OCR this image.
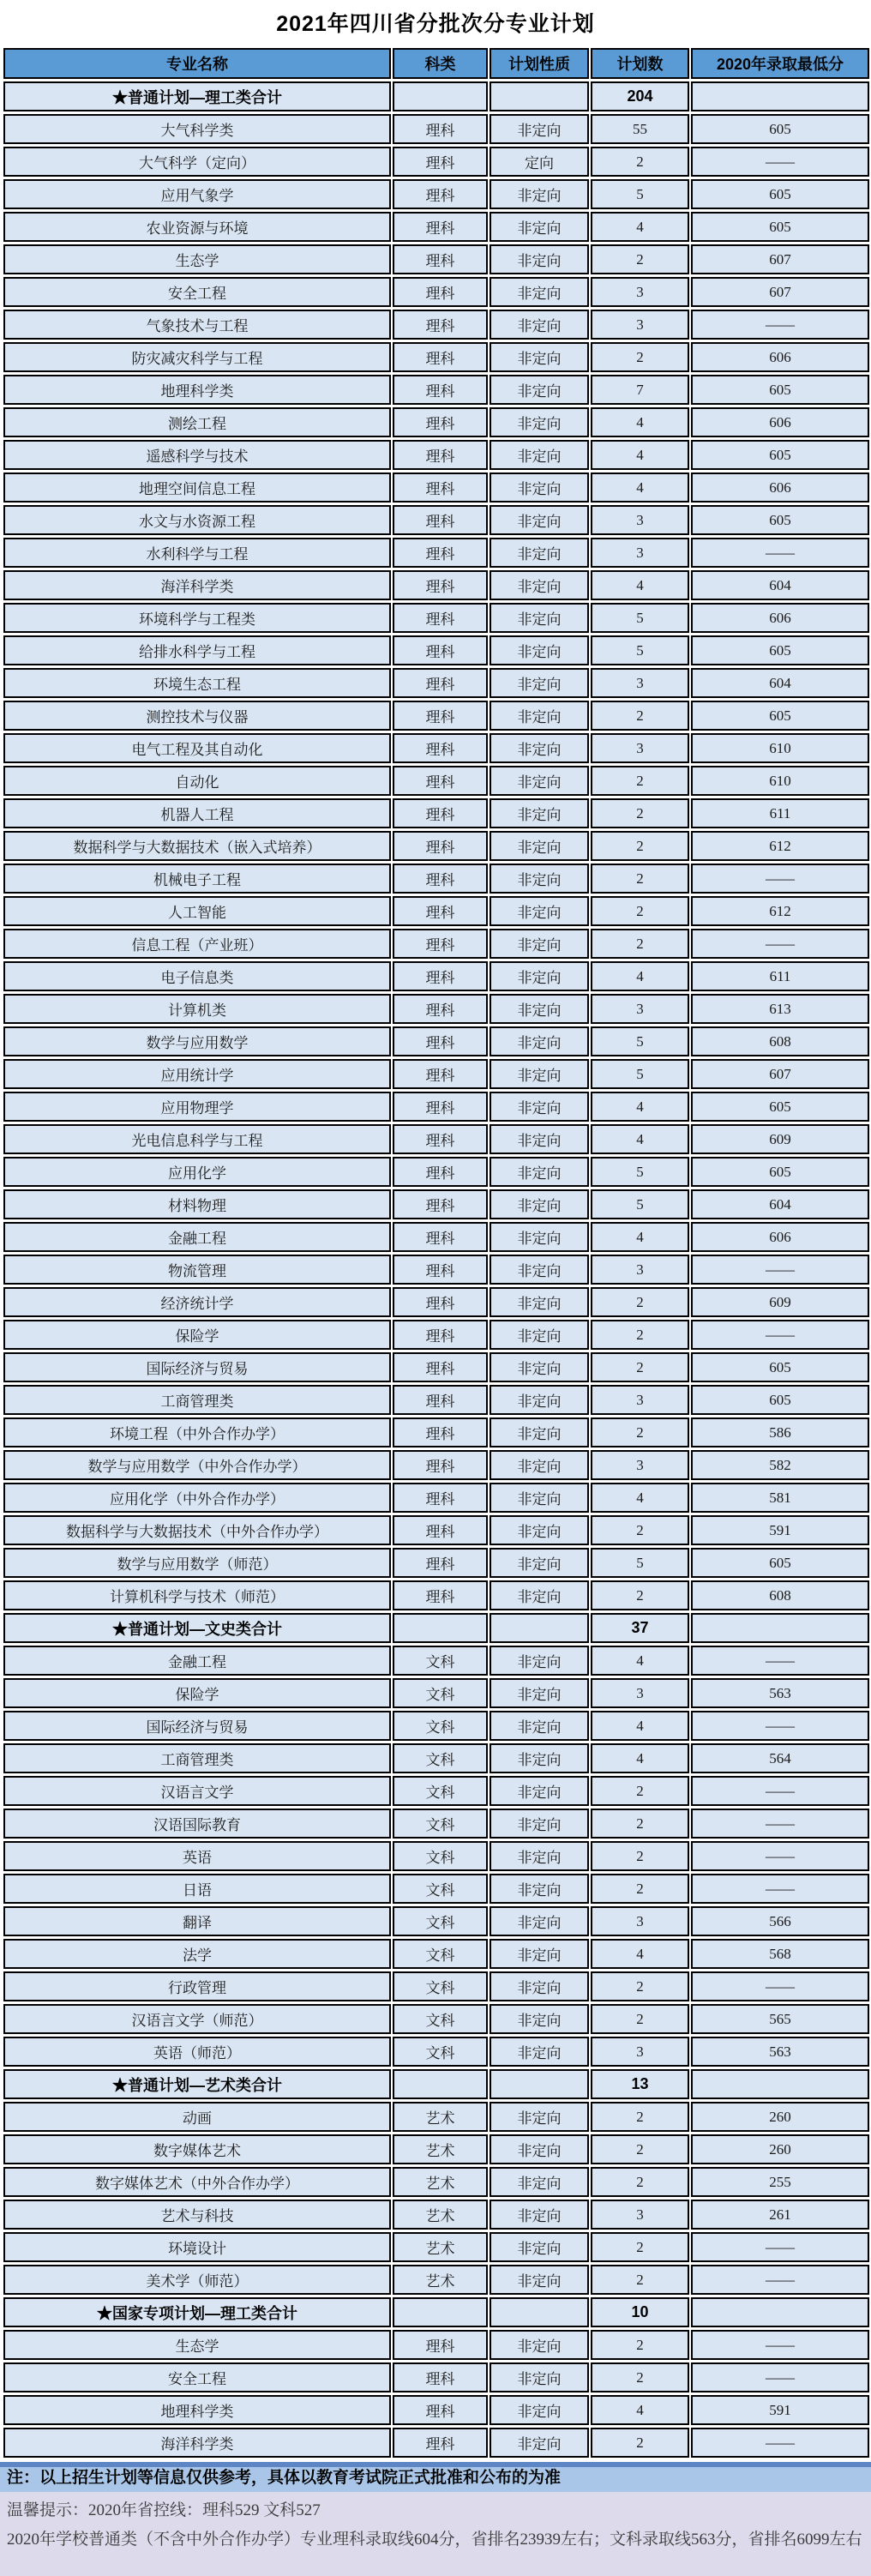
2021年四川省分批次分专业计划
专业名称	科类	计划性质	计划数	2020年录取最低分
★普通计划—理工类合计			204	
大气科学类	理科	非定向	55	605
大气科学（定向）	理科	定向	2	——
应用气象学	理科	非定向	5	605
农业资源与环境	理科	非定向	4	605
生态学	理科	非定向	2	607
安全工程	理科	非定向	3	607
气象技术与工程	理科	非定向	3	——
防灾减灾科学与工程	理科	非定向	2	606
地理科学类	理科	非定向	7	605
测绘工程	理科	非定向	4	606
遥感科学与技术	理科	非定向	4	605
地理空间信息工程	理科	非定向	4	606
水文与水资源工程	理科	非定向	3	605
水利科学与工程	理科	非定向	3	——
海洋科学类	理科	非定向	4	604
环境科学与工程类	理科	非定向	5	606
给排水科学与工程	理科	非定向	5	605
环境生态工程	理科	非定向	3	604
测控技术与仪器	理科	非定向	2	605
电气工程及其自动化	理科	非定向	3	610
自动化	理科	非定向	2	610
机器人工程	理科	非定向	2	611
数据科学与大数据技术（嵌入式培养）	理科	非定向	2	612
机械电子工程	理科	非定向	2	——
人工智能	理科	非定向	2	612
信息工程（产业班）	理科	非定向	2	——
电子信息类	理科	非定向	4	611
计算机类	理科	非定向	3	613
数学与应用数学	理科	非定向	5	608
应用统计学	理科	非定向	5	607
应用物理学	理科	非定向	4	605
光电信息科学与工程	理科	非定向	4	609
应用化学	理科	非定向	5	605
材料物理	理科	非定向	5	604
金融工程	理科	非定向	4	606
物流管理	理科	非定向	3	——
经济统计学	理科	非定向	2	609
保险学	理科	非定向	2	——
国际经济与贸易	理科	非定向	2	605
工商管理类	理科	非定向	3	605
环境工程（中外合作办学）	理科	非定向	2	586
数学与应用数学（中外合作办学）	理科	非定向	3	582
应用化学（中外合作办学）	理科	非定向	4	581
数据科学与大数据技术（中外合作办学）	理科	非定向	2	591
数学与应用数学（师范）	理科	非定向	5	605
计算机科学与技术（师范）	理科	非定向	2	608
★普通计划—文史类合计			37	
金融工程	文科	非定向	4	——
保险学	文科	非定向	3	563
国际经济与贸易	文科	非定向	4	——
工商管理类	文科	非定向	4	564
汉语言文学	文科	非定向	2	——
汉语国际教育	文科	非定向	2	——
英语	文科	非定向	2	——
日语	文科	非定向	2	——
翻译	文科	非定向	3	566
法学	文科	非定向	4	568
行政管理	文科	非定向	2	——
汉语言文学（师范）	文科	非定向	2	565
英语（师范）	文科	非定向	3	563
★普通计划—艺术类合计			13	
动画	艺术	非定向	2	260
数字媒体艺术	艺术	非定向	2	260
数字媒体艺术（中外合作办学）	艺术	非定向	2	255
艺术与科技	艺术	非定向	3	261
环境设计	艺术	非定向	2	——
美术学（师范）	艺术	非定向	2	——
★国家专项计划—理工类合计			10	
生态学	理科	非定向	2	——
安全工程	理科	非定向	2	——
地理科学类	理科	非定向	4	591
海洋科学类	理科	非定向	2	——
注：以上招生计划等信息仅供参考，具体以教育考试院正式批准和公布的为准

温馨提示：2020年省控线：理科529 文科527

2020年学校普通类（不含中外合作办学）专业理科录取线604分，省排名23939左右；文科录取线563分，省排名6099左右
